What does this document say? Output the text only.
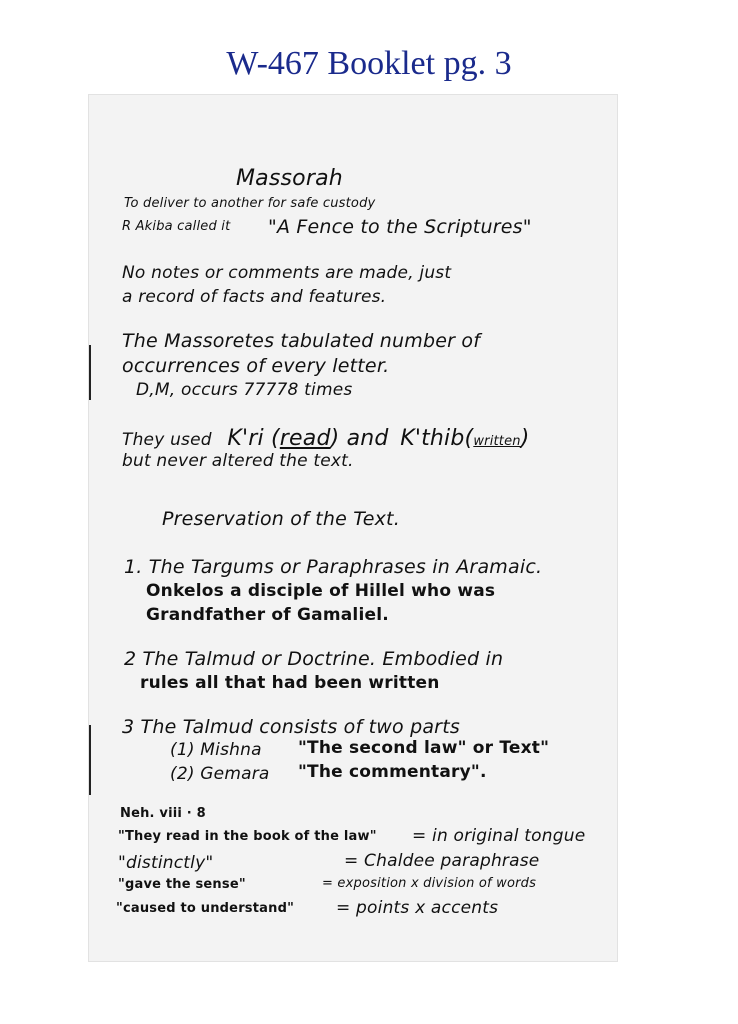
W-467 Booklet pg. 3
Massorah
To deliver to another for safe custody
R Akiba called it "A Fence to the Scriptures"
No notes or comments are made, just
a record of facts and features.
The Massoretes tabulated number of
occurrences of every letter.
D,M, occurs 77778 times
They used K'ri (read) and K'thib(written)
but never altered the text.
Preservation of the Text.
1. The Targums or Paraphrases in Aramaic.
Onkelos a disciple of Hillel who was
Grandfather of Gamaliel.
2 The Talmud or Doctrine. Embodied in
rules all that had been written
3 The Talmud consists of two parts
(1) Mishna "The second law" or Text"
(2) Gemara "The commentary".
Neh. viii · 8
"They read in the book of the law" = in original tongue
"distinctly"	= Chaldee paraphrase
"gave the sense"	= exposition x division of words
"caused to understand" = points x accents
